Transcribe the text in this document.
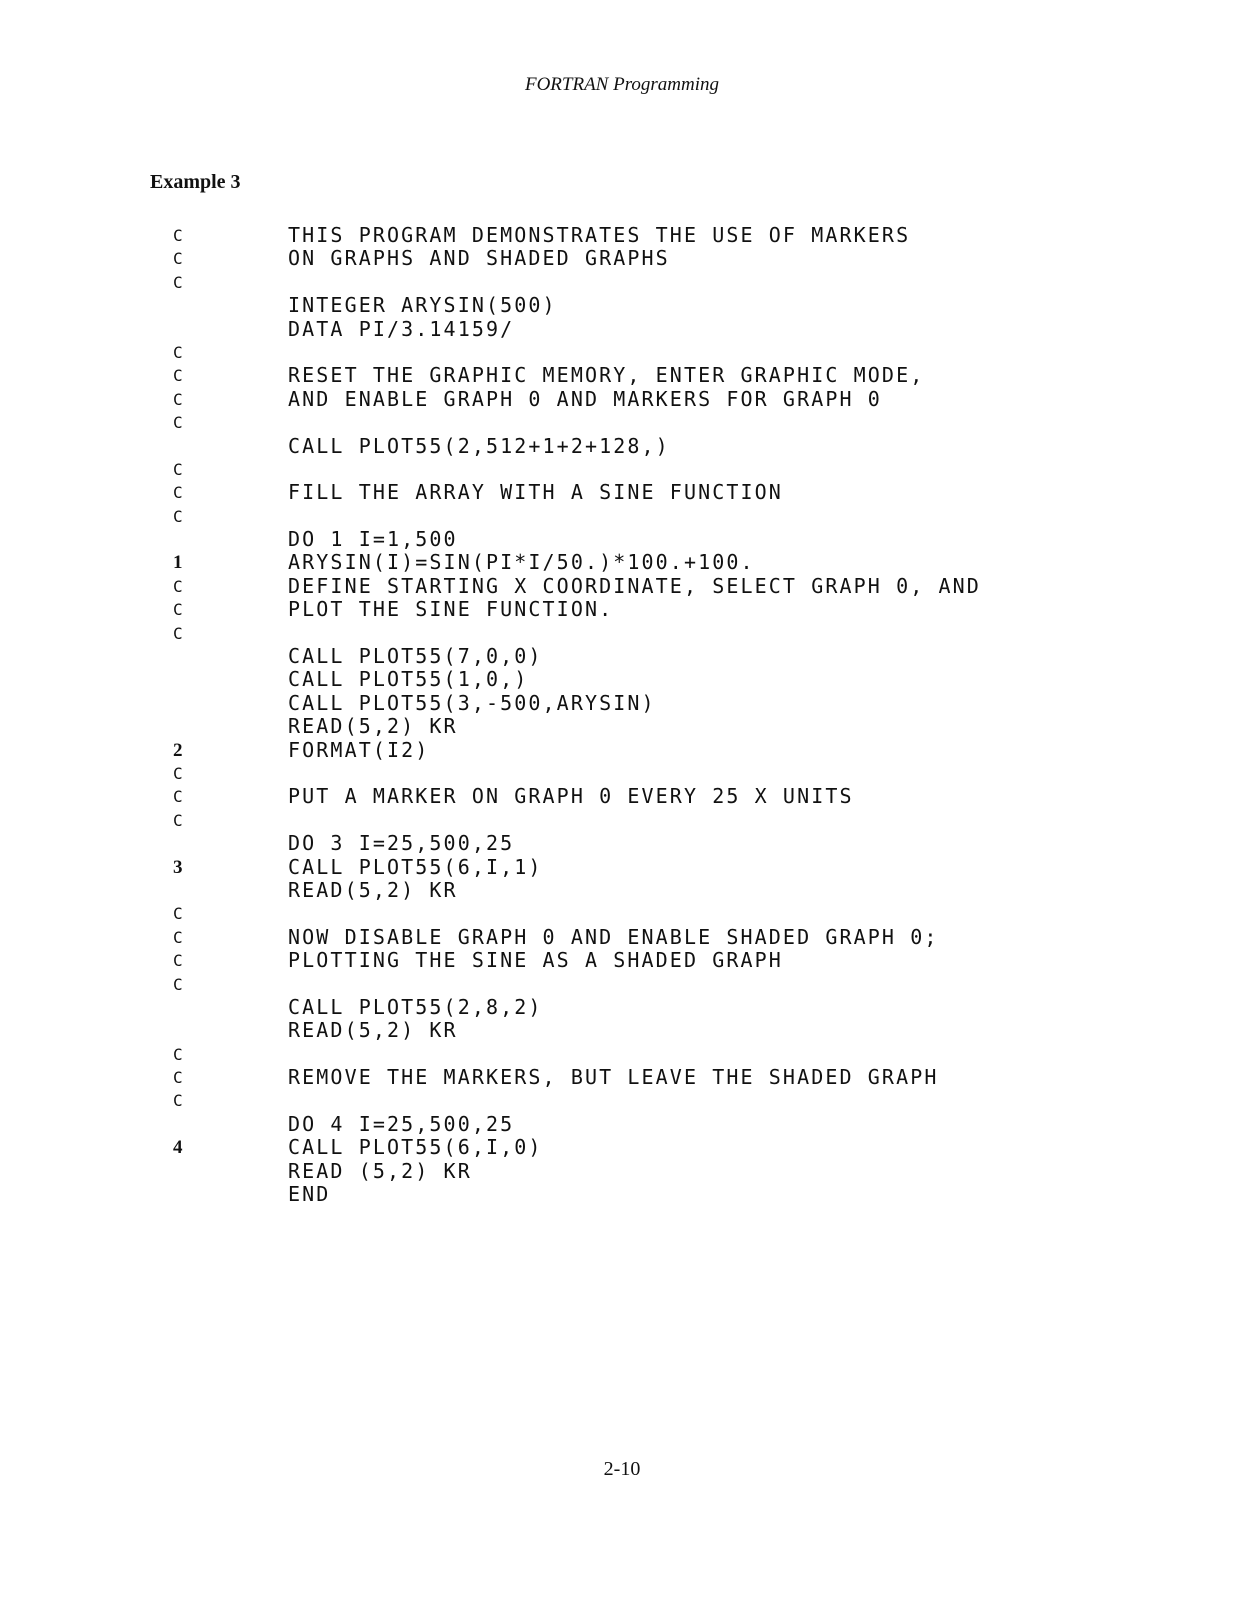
FORTRAN Programming
Example 3
C	THIS PROGRAM DEMONSTRATES THE USE OF MARKERS
C	ON GRAPHS AND SHADED GRAPHS
C
INTEGER ARYSIN(500)
DATA PI/3.14159/
C
C	RESET THE GRAPHIC MEMORY, ENTER GRAPHIC MODE,
C	AND ENABLE GRAPH 0 AND MARKERS FOR GRAPH 0
C
CALL PLOT55(2,512+1+2+128,)
C
C	FILL THE ARRAY WITH A SINE FUNCTION
C
DO 1 I=1,500
1	ARYSIN(I)=SIN(PI*I/50.)*100.+100.
C	DEFINE STARTING X COORDINATE, SELECT GRAPH 0, AND
C	PLOT THE SINE FUNCTION.
C
CALL PLOT55(7,0,0)
CALL PLOT55(1,0,)
CALL PLOT55(3,-500,ARYSIN)
READ(5,2) KR
2	FORMAT(I2)
C
C	PUT A MARKER ON GRAPH 0 EVERY 25 X UNITS
C
DO 3 I=25,500,25
3	CALL PLOT55(6,I,1)
READ(5,2) KR
C
C	NOW DISABLE GRAPH 0 AND ENABLE SHADED GRAPH 0;
C	PLOTTING THE SINE AS A SHADED GRAPH
C
CALL PLOT55(2,8,2)
READ(5,2) KR
C
C	REMOVE THE MARKERS, BUT LEAVE THE SHADED GRAPH
C
DO 4 I=25,500,25
4	CALL PLOT55(6,I,0)
READ (5,2) KR
END
2-10
